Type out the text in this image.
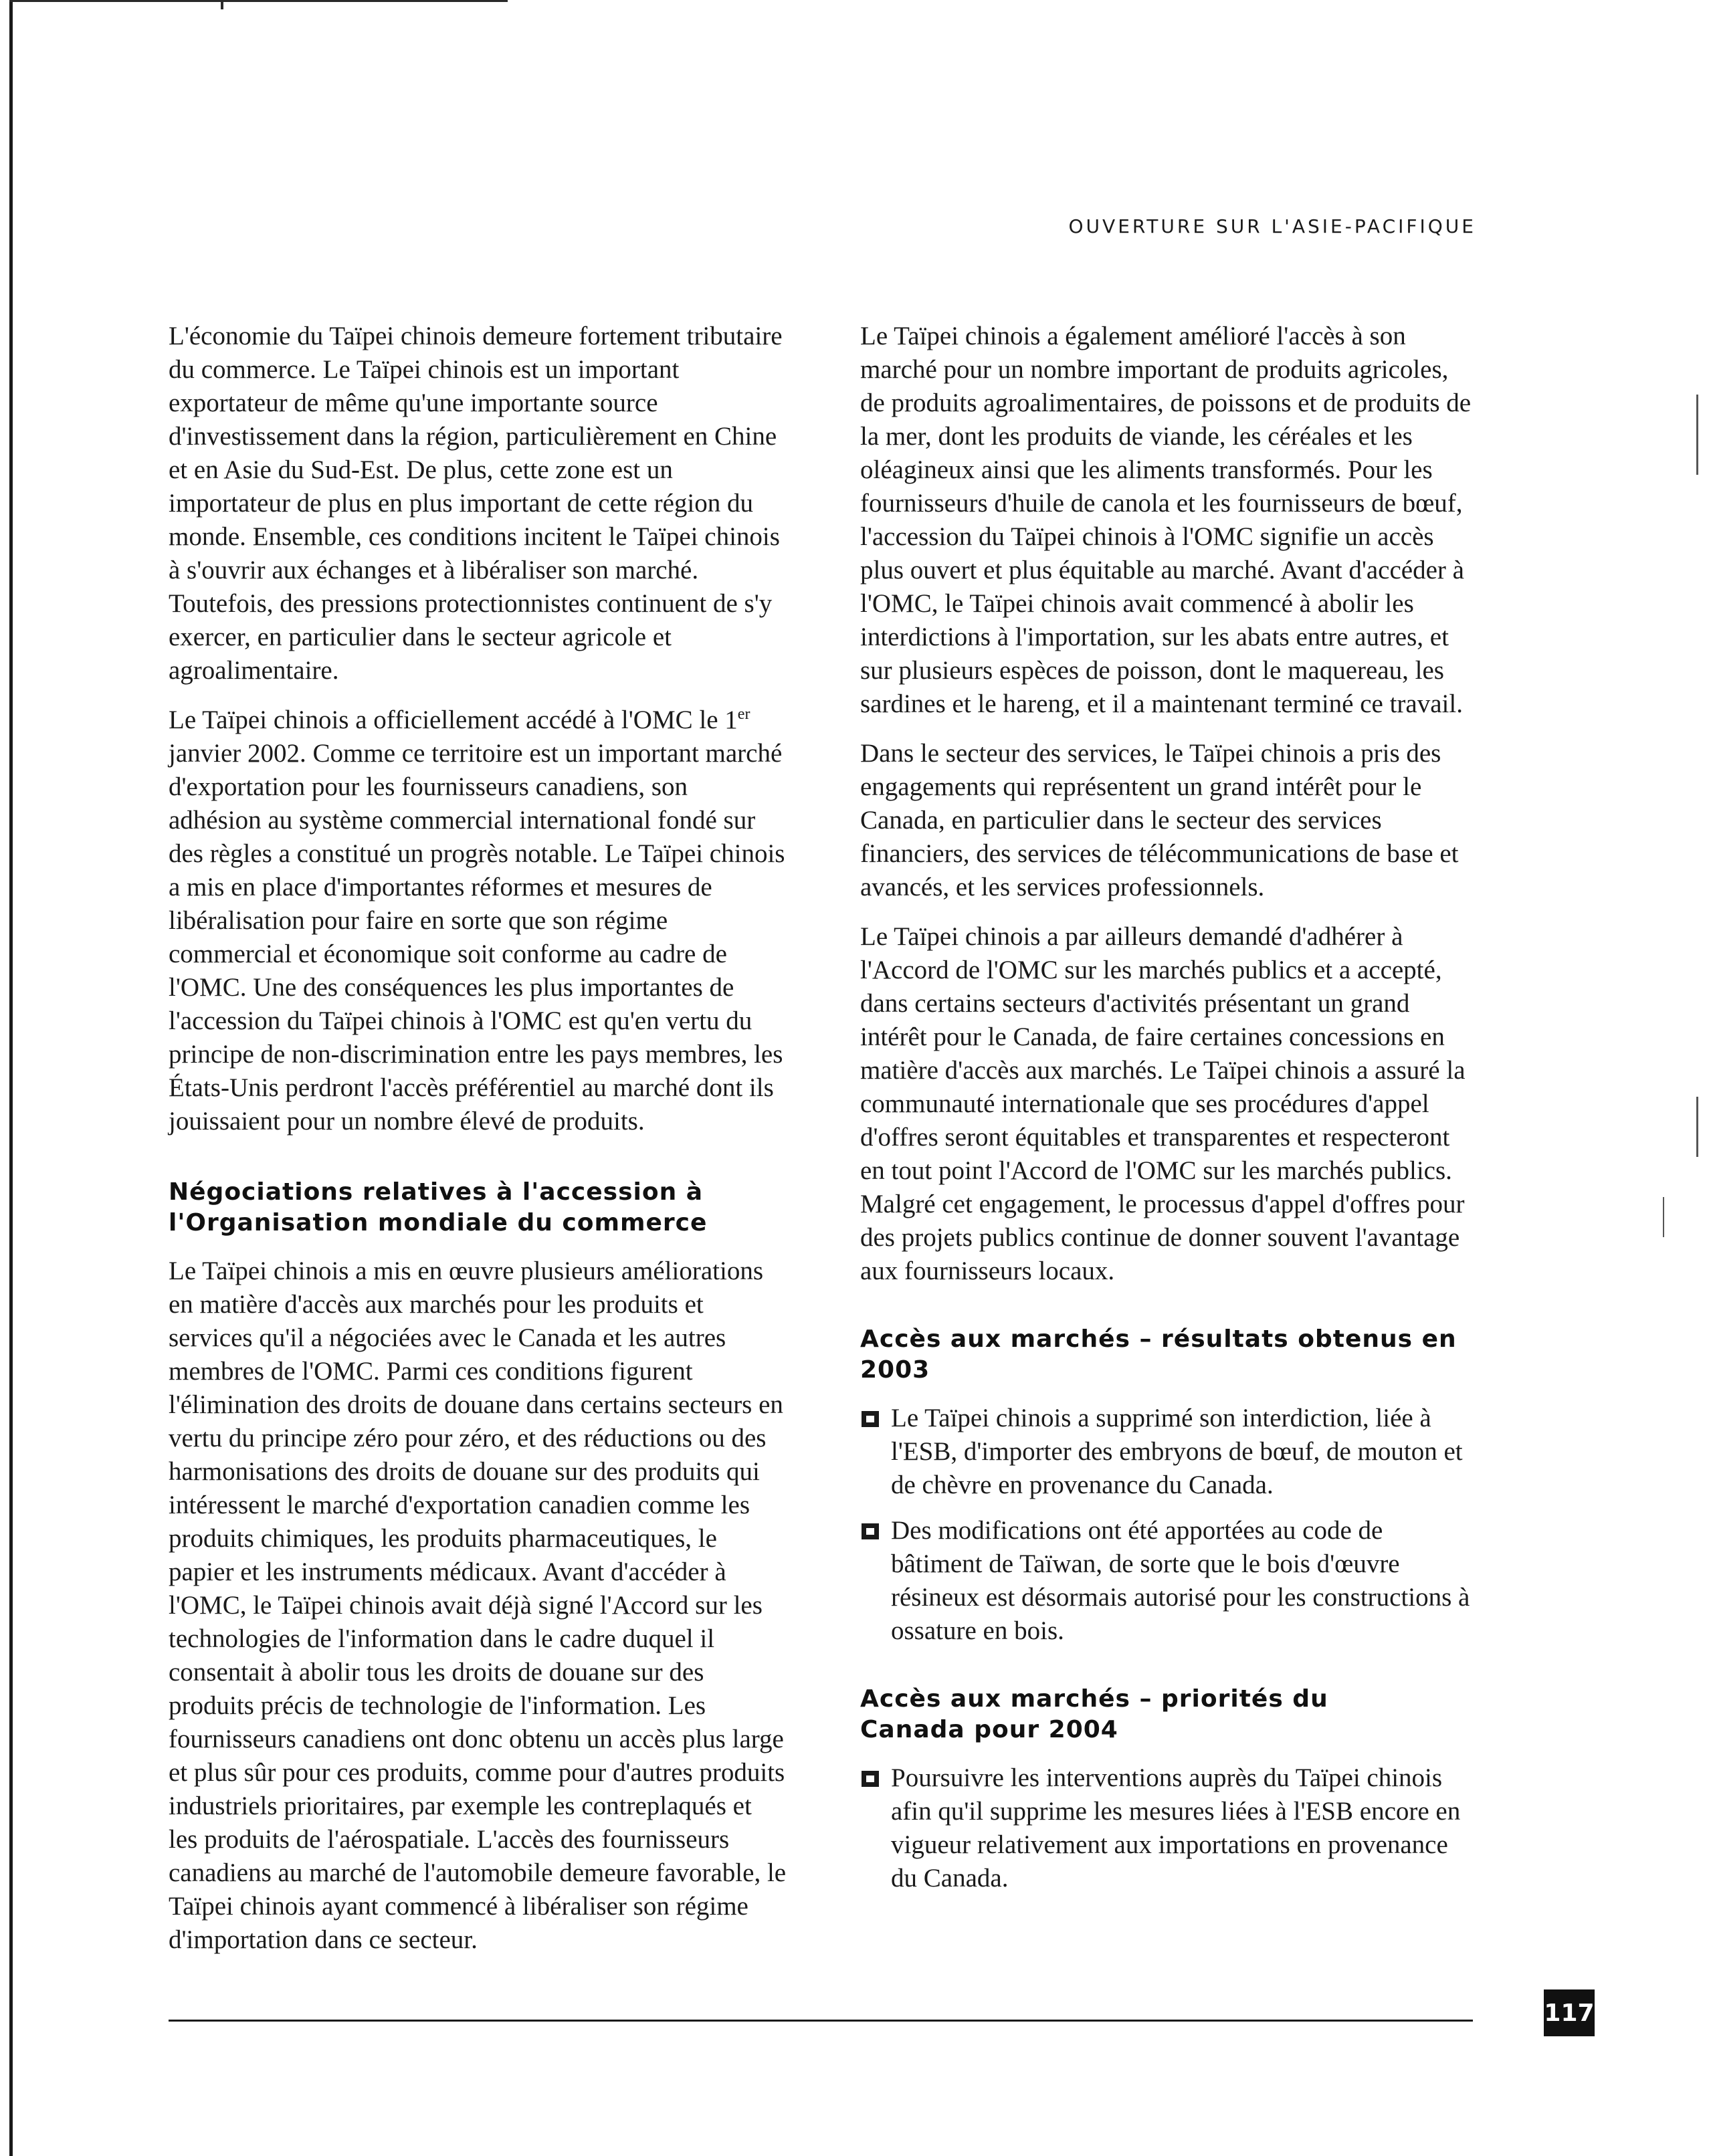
OUVERTURE SUR L'ASIE-PACIFIQUE

L'économie du Taïpei chinois demeure fortement tributaire du commerce. Le Taïpei chinois est un important exportateur de même qu'une importante source d'investissement dans la région, particulièrement en Chine et en Asie du Sud-Est. De plus, cette zone est un importateur de plus en plus important de cette région du monde. Ensemble, ces conditions incitent le Taïpei chinois à s'ouvrir aux échanges et à libéraliser son marché. Toutefois, des pressions protectionnistes continuent de s'y exercer, en particulier dans le secteur agricole et agroalimentaire.

Le Taïpei chinois a officiellement accédé à l'OMC le 1er janvier 2002. Comme ce territoire est un important marché d'exportation pour les fournisseurs canadiens, son adhésion au système commercial international fondé sur des règles a constitué un progrès notable. Le Taïpei chinois a mis en place d'importantes réformes et mesures de libéralisation pour faire en sorte que son régime commercial et économique soit conforme au cadre de l'OMC. Une des conséquences les plus importantes de l'accession du Taïpei chinois à l'OMC est qu'en vertu du principe de non-discrimination entre les pays membres, les États-Unis perdront l'accès préférentiel au marché dont ils jouissaient pour un nombre élevé de produits.

Négociations relatives à l'accession à
l'Organisation mondiale du commerce

Le Taïpei chinois a mis en œuvre plusieurs améliorations en matière d'accès aux marchés pour les produits et services qu'il a négociées avec le Canada et les autres membres de l'OMC. Parmi ces conditions figurent l'élimination des droits de douane dans certains secteurs en vertu du principe zéro pour zéro, et des réductions ou des harmonisations des droits de douane sur des produits qui intéressent le marché d'exportation canadien comme les produits chimiques, les produits pharmaceutiques, le papier et les instruments médicaux. Avant d'accéder à l'OMC, le Taïpei chinois avait déjà signé l'Accord sur les technologies de l'information dans le cadre duquel il consentait à abolir tous les droits de douane sur des produits précis de technologie de l'information. Les fournisseurs canadiens ont donc obtenu un accès plus large et plus sûr pour ces produits, comme pour d'autres produits industriels prioritaires, par exemple les contreplaqués et les produits de l'aérospatiale. L'accès des fournisseurs canadiens au marché de l'automobile demeure favorable, le Taïpei chinois ayant commencé à libéraliser son régime d'importation dans ce secteur.

Le Taïpei chinois a également amélioré l'accès à son marché pour un nombre important de produits agricoles, de produits agroalimentaires, de poissons et de produits de la mer, dont les produits de viande, les céréales et les oléagineux ainsi que les aliments transformés. Pour les fournisseurs d'huile de canola et les fournisseurs de bœuf, l'accession du Taïpei chinois à l'OMC signifie un accès plus ouvert et plus équitable au marché. Avant d'accéder à l'OMC, le Taïpei chinois avait commencé à abolir les interdictions à l'importation, sur les abats entre autres, et sur plusieurs espèces de poisson, dont le maquereau, les sardines et le hareng, et il a maintenant terminé ce travail.

Dans le secteur des services, le Taïpei chinois a pris des engagements qui représentent un grand intérêt pour le Canada, en particulier dans le secteur des services financiers, des services de télécommunications de base et avancés, et les services professionnels.

Le Taïpei chinois a par ailleurs demandé d'adhérer à l'Accord de l'OMC sur les marchés publics et a accepté, dans certains secteurs d'activités présentant un grand intérêt pour le Canada, de faire certaines concessions en matière d'accès aux marchés. Le Taïpei chinois a assuré la communauté internationale que ses procédures d'appel d'offres seront équitables et transparentes et respecteront en tout point l'Accord de l'OMC sur les marchés publics. Malgré cet engagement, le processus d'appel d'offres pour des projets publics continue de donner souvent l'avantage aux fournisseurs locaux.

Accès aux marchés – résultats obtenus en 2003
Le Taïpei chinois a supprimé son interdiction, liée à l'ESB, d'importer des embryons de bœuf, de mouton et de chèvre en provenance du Canada.
Des modifications ont été apportées au code de bâtiment de Taïwan, de sorte que le bois d'œuvre résineux est désormais autorisé pour les constructions à ossature en bois.
Accès aux marchés – priorités du
Canada pour 2004
Poursuivre les interventions auprès du Taïpei chinois afin qu'il supprime les mesures liées à l'ESB encore en vigueur relativement aux importations en provenance du Canada.
117
